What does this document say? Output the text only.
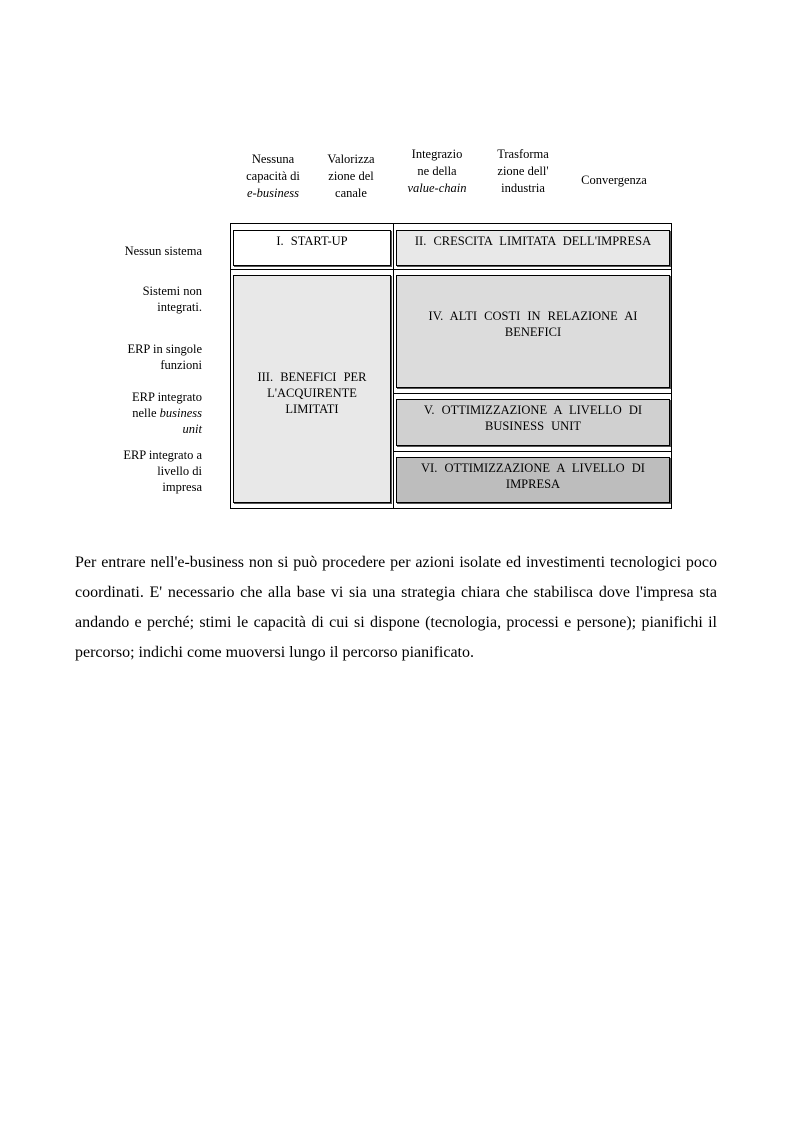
Nessuna
capacità di
e-business
Valorizza
zione del
canale
Integrazio
ne della
value-chain
Trasforma
zione dell'
industria
Convergenza
Nessun sistema
Sistemi non
integrati.
ERP in singole
funzioni
ERP integrato
nelle business
unit
ERP integrato a
livello di
impresa
I. START-UP	II. CRESCITA LIMITATA DELL'IMPRESA
III. BENEFICI PER L'ACQUIRENTE LIMITATI
IV. ALTI COSTI IN RELAZIONE AI BENEFICI
V. OTTIMIZZAZIONE A LIVELLO DI BUSINESS UNIT
VI. OTTIMIZZAZIONE A LIVELLO DI IMPRESA

Per entrare nell'e-business non si può procedere per azioni isolate ed investimenti tecnologici poco coordinati. E' necessario che alla base vi sia una strategia chiara che stabilisca dove l'impresa sta andando e perché; stimi le capacità di cui si dispone (tecnologia, processi e persone); pianifichi il percorso; indichi come muoversi lungo il percorso pianificato.
